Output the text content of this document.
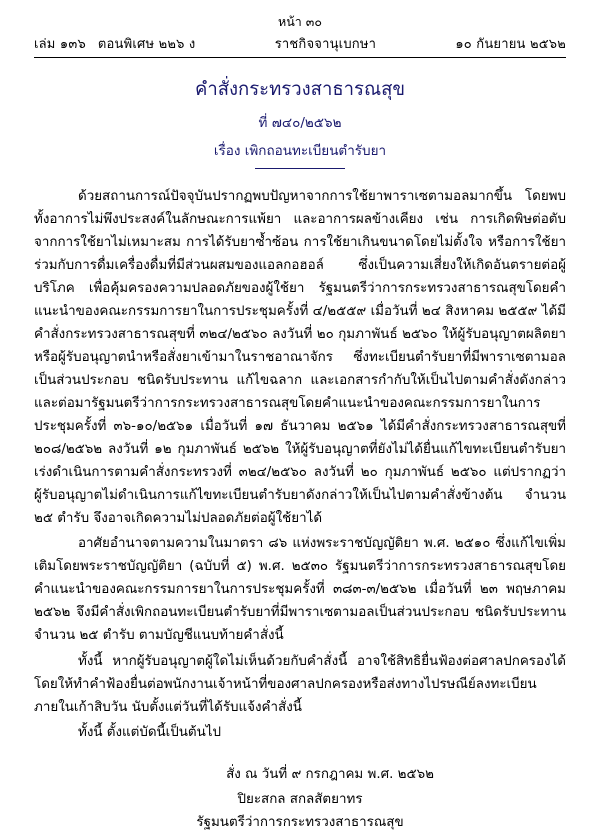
หน้า ๓๐
เล่ม ๑๓๖ ตอนพิเศษ ๒๒๖ ง	ราชกิจจานุเบกษา	๑๐ กันยายน ๒๕๖๒
คำสั่งกระทรวงสาธารณสุข
ที่ ๗๔๐/๒๕๖๒
เรื่อง เพิกถอนทะเบียนตำรับยา

ด้วยสถานการณ์ปัจจุบันปรากฏพบปัญหาจากการใช้ยาพาราเซตามอลมากขึ้น โดยพบทั้งอาการไม่พึงประสงค์ในลักษณะการแพ้ยา และอาการผลข้างเคียง เช่น การเกิดพิษต่อตับ จากการใช้ยาไม่เหมาะสม การได้รับยาซ้ำซ้อน การใช้ยาเกินขนาดโดยไม่ตั้งใจ หรือการใช้ยาร่วมกับการดื่มเครื่องดื่มที่มีส่วนผสมของแอลกอฮอล์ ซึ่งเป็นความเสี่ยงให้เกิดอันตรายต่อผู้บริโภค เพื่อคุ้มครองความปลอดภัยของผู้ใช้ยา รัฐมนตรีว่าการกระทรวงสาธารณสุขโดยคำแนะนำของคณะกรรมการยาในการประชุมครั้งที่ ๔/๒๕๕๙ เมื่อวันที่ ๒๔ สิงหาคม ๒๕๕๙ ได้มีคำสั่งกระทรวงสาธารณสุขที่ ๓๒๔/๒๕๖๐ ลงวันที่ ๒๐ กุมภาพันธ์ ๒๕๖๐ ให้ผู้รับอนุญาตผลิตยา หรือผู้รับอนุญาตนำหรือสั่งยาเข้ามาในราชอาณาจักร ซึ่งทะเบียนตำรับยาที่มีพาราเซตามอลเป็นส่วนประกอบ ชนิดรับประทาน แก้ไขฉลาก และเอกสารกำกับให้เป็นไปตามคำสั่งดังกล่าว และต่อมารัฐมนตรีว่าการกระทรวงสาธารณสุขโดยคำแนะนำของคณะกรรมการยาในการประชุมครั้งที่ ๓๖-๑๐/๒๕๖๑ เมื่อวันที่ ๑๗ ธันวาคม ๒๕๖๑ ได้มีคำสั่งกระทรวงสาธารณสุขที่ ๒๐๘/๒๕๖๒ ลงวันที่ ๑๒ กุมภาพันธ์ ๒๕๖๒ ให้ผู้รับอนุญาตที่ยังไม่ได้ยื่นแก้ไขทะเบียนตำรับยาเร่งดำเนินการตามคำสั่งกระทรวงที่ ๓๒๔/๒๕๖๐ ลงวันที่ ๒๐ กุมภาพันธ์ ๒๕๖๐ แต่ปรากฏว่าผู้รับอนุญาตไม่ดำเนินการแก้ไขทะเบียนตำรับยาดังกล่าวให้เป็นไปตามคำสั่งข้างต้น จำนวน ๒๕ ตำรับ จึงอาจเกิดความไม่ปลอดภัยต่อผู้ใช้ยาได้

อาศัยอำนาจตามความในมาตรา ๘๖ แห่งพระราชบัญญัติยา พ.ศ. ๒๕๑๐ ซึ่งแก้ไขเพิ่มเติมโดยพระราชบัญญัติยา (ฉบับที่ ๕) พ.ศ. ๒๕๓๐ รัฐมนตรีว่าการกระทรวงสาธารณสุขโดยคำแนะนำของคณะกรรมการยาในการประชุมครั้งที่ ๓๘๓-๓/๒๕๖๒ เมื่อวันที่ ๒๓ พฤษภาคม ๒๕๖๒ จึงมีคำสั่งเพิกถอนทะเบียนตำรับยาที่มีพาราเซตามอลเป็นส่วนประกอบ ชนิดรับประทาน จำนวน ๒๕ ตำรับ ตามบัญชีแนบท้ายคำสั่งนี้

ทั้งนี้ หากผู้รับอนุญาตผู้ใดไม่เห็นด้วยกับคำสั่งนี้ อาจใช้สิทธิยื่นฟ้องต่อศาลปกครองได้ โดยให้ทำคำฟ้องยื่นต่อพนักงานเจ้าหน้าที่ของศาลปกครองหรือส่งทางไปรษณีย์ลงทะเบียนภายในเก้าสิบวัน นับตั้งแต่วันที่ได้รับแจ้งคำสั่งนี้

ทั้งนี้ ตั้งแต่บัดนี้เป็นต้นไป

สั่ง ณ วันที่ ๙ กรกฎาคม พ.ศ. ๒๕๖๒
ปิยะสกล สกลสัตยาทร
รัฐมนตรีว่าการกระทรวงสาธารณสุข
